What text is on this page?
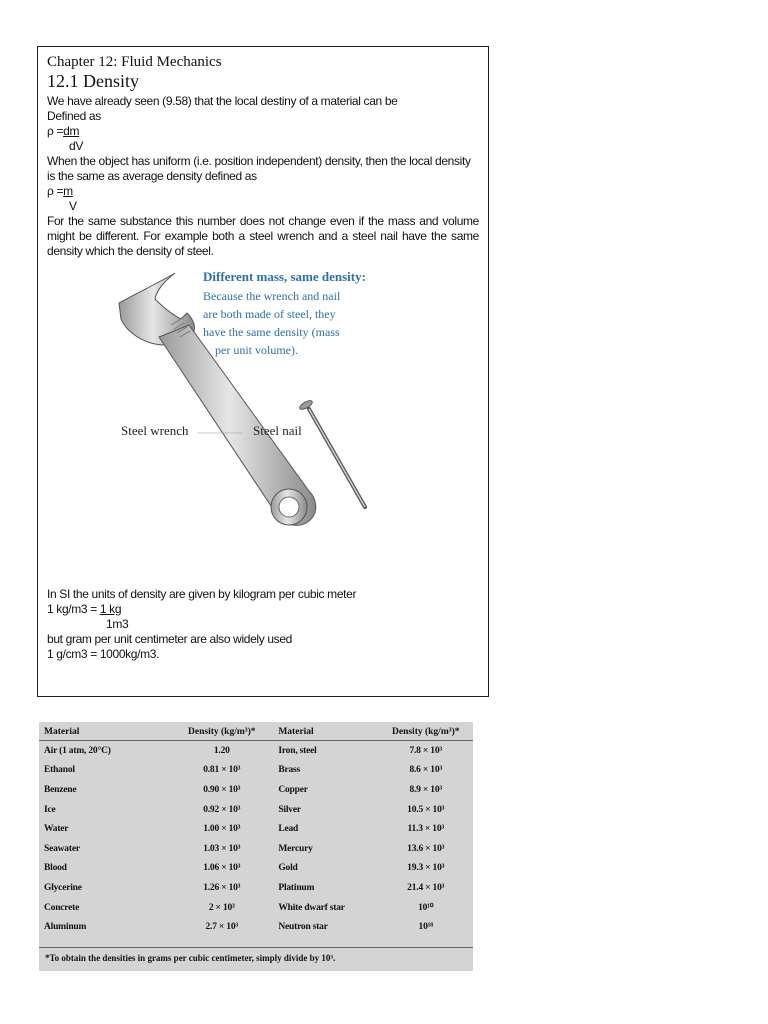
Chapter 12: Fluid Mechanics
12.1 Density
We have already seen (9.58) that the local destiny of a material can be
Defined as
ρ =dm
dV
When the object has uniform (i.e. position independent) density, then the local density is the same as average density defined as
ρ =m
V
For the same substance this number does not change even if the mass and volume might be different. For example both a steel wrench and a steel nail have the same density which the density of steel.
Different mass, same density:
Because the wrench and nail
are both made of steel, they
have the same density (mass
per unit volume).
Steel wrench	Steel nail
In SI the units of density are given by kilogram per cubic meter
1 kg/m3 = 1 kg
1m3
but gram per unit centimeter are also widely used
1 g/cm3 = 1000kg/m3.
Material	Density (kg/m³)*	Material	Density (kg/m³)*
Air (1 atm, 20°C)	1.20	Iron, steel	7.8 × 10³
Ethanol	0.81 × 10³	Brass	8.6 × 10³
Benzene	0.90 × 10³	Copper	8.9 × 10³
Ice	0.92 × 10³	Silver	10.5 × 10³
Water	1.00 × 10³	Lead	11.3 × 10³
Seawater	1.03 × 10³	Mercury	13.6 × 10³
Blood	1.06 × 10³	Gold	19.3 × 10³
Glycerine	1.26 × 10³	Platinum	21.4 × 10³
Concrete	2 × 10³	White dwarf star	10¹⁰
Aluminum	2.7 × 10³	Neutron star	10¹⁸
*To obtain the densities in grams per cubic centimeter, simply divide by 10³.
